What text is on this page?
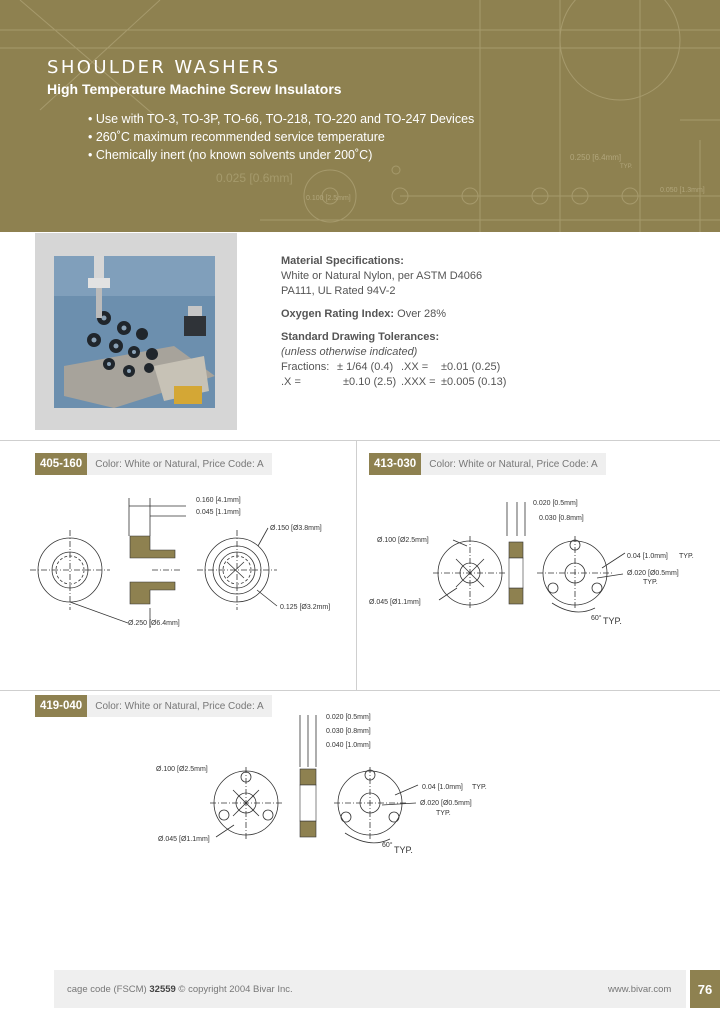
0.250 [6.4mm]
TYP.
0.025 [0.6mm]
0.100 [2.5mm]
0.050 [1.3mm]
SHOULDER WASHERS
High Temperature Machine Screw Insulators
• Use with TO-3, TO-3P, TO-66, TO-218, TO-220 and TO-247 Devices
• 260˚C maximum recommended service temperature
• Chemically inert (no known solvents under 200˚C)
Material Specifications:
White or Natural Nylon, per ASTM D4066
PA111, UL Rated 94V-2
Oxygen Rating Index: Over 28%
Standard Drawing Tolerances:
(unless otherwise indicated)
Fractions: ± 1/64 (0.4) .XX = ±0.01 (0.25)
.X =	±0.10 (2.5) .XXX = ±0.005 (0.13)
405-160	Color: White or Natural, Price Code: A
0.160 [4.1mm]
0.045 [1.1mm]
Ø.150 [Ø3.8mm]
0.125 [Ø3.2mm]
Ø.250 [Ø6.4mm]
413-030	Color: White or Natural, Price Code: A
0.020 [0.5mm]
0.030 [0.8mm]
Ø.100 [Ø2.5mm]
Ø.045 [Ø1.1mm]
0.04 [1.0mm] TYP.
Ø.020 [Ø0.5mm]
TYP.
60° TYP.
419-040	Color: White or Natural, Price Code: A
0.020 [0.5mm]
0.030 [0.8mm]
0.040 [1.0mm]
Ø.100 [Ø2.5mm]
0.04 [1.0mm] TYP.
Ø.020 [Ø0.5mm]
TYP.
Ø.045 [Ø1.1mm]
60° TYP.
cage code (FSCM) 32559 © copyright 2004 Bivar Inc.	www.bivar.com	76
